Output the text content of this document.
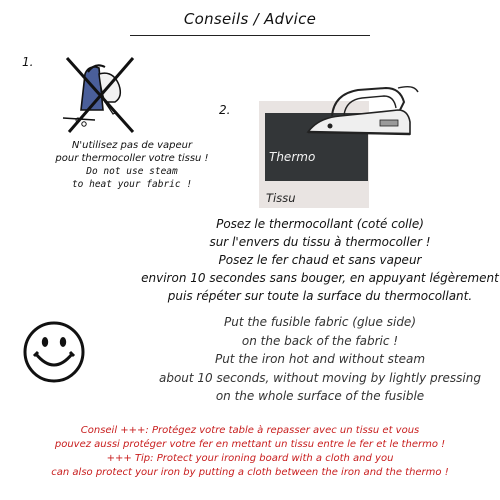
Conseils / Advice
1.
N'utilisez pas de vapeur
pour thermocoller votre tissu !
Do not use steam
to heat your fabric !
2.
Thermo
Tissu
Posez le thermocollant (coté colle)
sur l'envers du tissu à thermocoller !
Posez le fer chaud et sans vapeur
environ 10 secondes sans bouger, en appuyant légèrement
puis répéter sur toute la surface du thermocollant.
Put the fusible fabric (glue side)
on the back of the fabric !
Put the iron hot and without steam
about 10 seconds, without moving by lightly pressing
on the whole surface of the fusible
Conseil +++: Protégez votre table à repasser avec un tissu et vous
pouvez aussi protéger votre fer en mettant un tissu entre le fer et le thermo !
+++ Tip: Protect your ironing board with a cloth and you
can also protect your iron by putting a cloth between the iron and the thermo !
